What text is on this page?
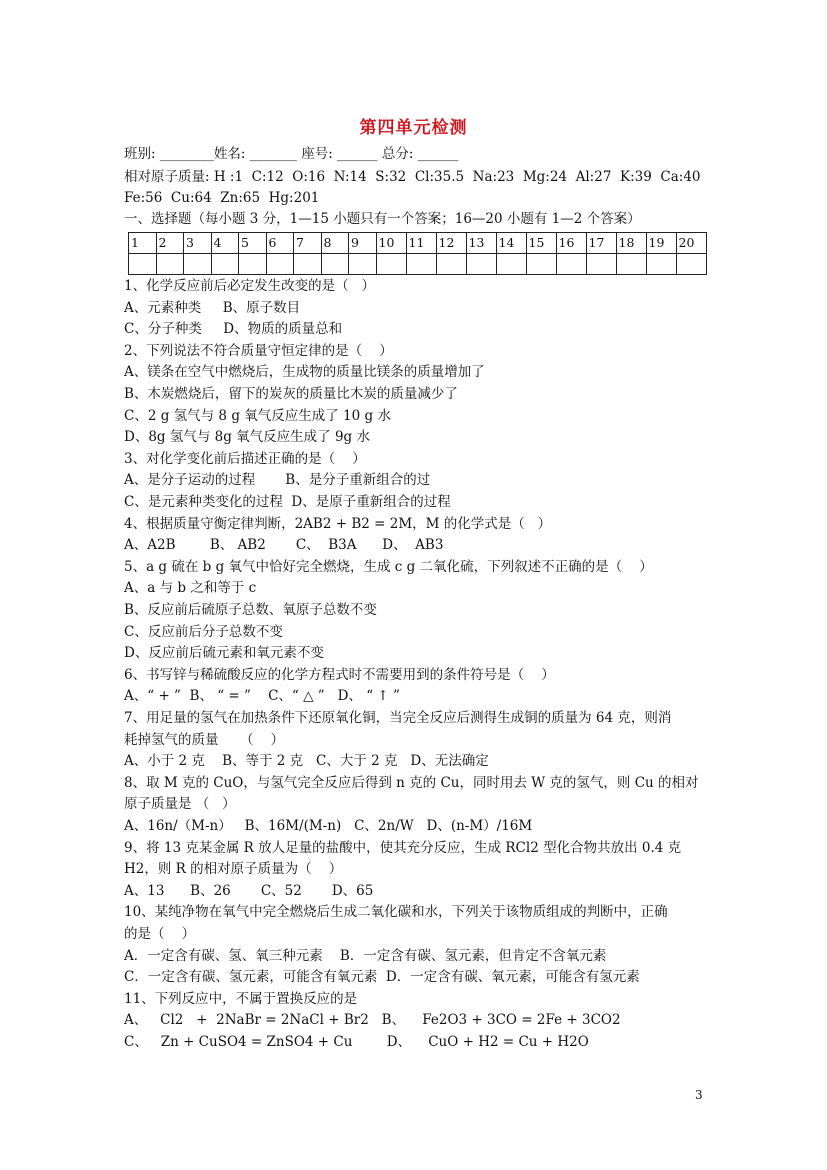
第四单元检测
班别: ________姓名: _______ 座号: ______ 总分: ______
相对原子质量: H :1  C:12  O:16  N:14  S:32  Cl:35.5  Na:23  Mg:24  Al:27  K:39  Ca:40
Fe:56  Cu:64  Zn:65  Hg:201
一、选择题（每小题 3 分，1—15 小题只有一个答案；16—20 小题有 1—2 个答案）
1	2	3	4	5	6	7	8	9	10	11	12	13	14	15	16	17	18	19	20

1、化学反应前后必定发生改变的是（   ）
A、元素种类     B、原子数目
C、分子种类     D、物质的质量总和
2、下列说法不符合质量守恒定律的是（    ）
A、镁条在空气中燃烧后，生成物的质量比镁条的质量增加了
B、木炭燃烧后，留下的炭灰的质量比木炭的质量减少了
C、2 g 氢气与 8 g 氧气反应生成了 10 g 水
D、8g 氢气与 8g 氧气反应生成了 9g 水
3、对化学变化前后描述正确的是（    ）
A、是分子运动的过程       B、是分子重新组合的过
C、是元素种类变化的过程  D、是原子重新组合的过程
4、根据质量守衡定律判断，2AB2 + B2 = 2M，M 的化学式是（   ）
A、A2B        B、 AB2       C、  B3A      D、  AB3
5、a g 硫在 b g 氧气中恰好完全燃烧，生成 c g 二氧化硫，下列叙述不正确的是（    ）
A、a 与 b 之和等于 c
B、反应前后硫原子总数、氧原子总数不变
C、反应前后分子总数不变
D、反应前后硫元素和氧元素不变
6、书写锌与稀硫酸反应的化学方程式时不需要用到的条件符号是（    ）
A、“ + ”  B、 “ = ”    C、“ △ ”   D、 “ ↑ ”
7、用足量的氢气在加热条件下还原氧化铜，当完全反应后测得生成铜的质量为 64 克，则消
耗掉氢气的质量     （    ）
A、小于 2 克    B、等于 2 克   C、大于 2 克   D、无法确定
8、取 M 克的 CuO，与氢气完全反应后得到 n 克的 Cu，同时用去 W 克的氢气，则 Cu 的相对
原子质量是 （   ）
A、16n/（M-n）   B、16M/(M-n)   C、2n/W   D、(n-M）/16M
9、将 13 克某金属 R 放人足量的盐酸中，使其充分反应，生成 RCl2 型化合物共放出 0.4 克
H2，则 R 的相对原子质量为（    ）
A、13      B、26       C、52       D、65
10、某纯净物在氧气中完全燃烧后生成二氧化碳和水，下列关于该物质组成的判断中，正确
的是（    ）
A．一定含有碳、氢、氧三种元素    B．一定含有碳、氢元素，但肯定不含氧元素
C．一定含有碳、氢元素，可能含有氧元素  D．一定含有碳、氧元素，可能含有氢元素
11、下列反应中，不属于置换反应的是
A、   Cl2   +  2NaBr = 2NaCl + Br2   B、    Fe2O3 + 3CO = 2Fe + 3CO2
C、   Zn + CuSO4 = ZnSO4 + Cu        D、    CuO + H2 = Cu + H2O
3
